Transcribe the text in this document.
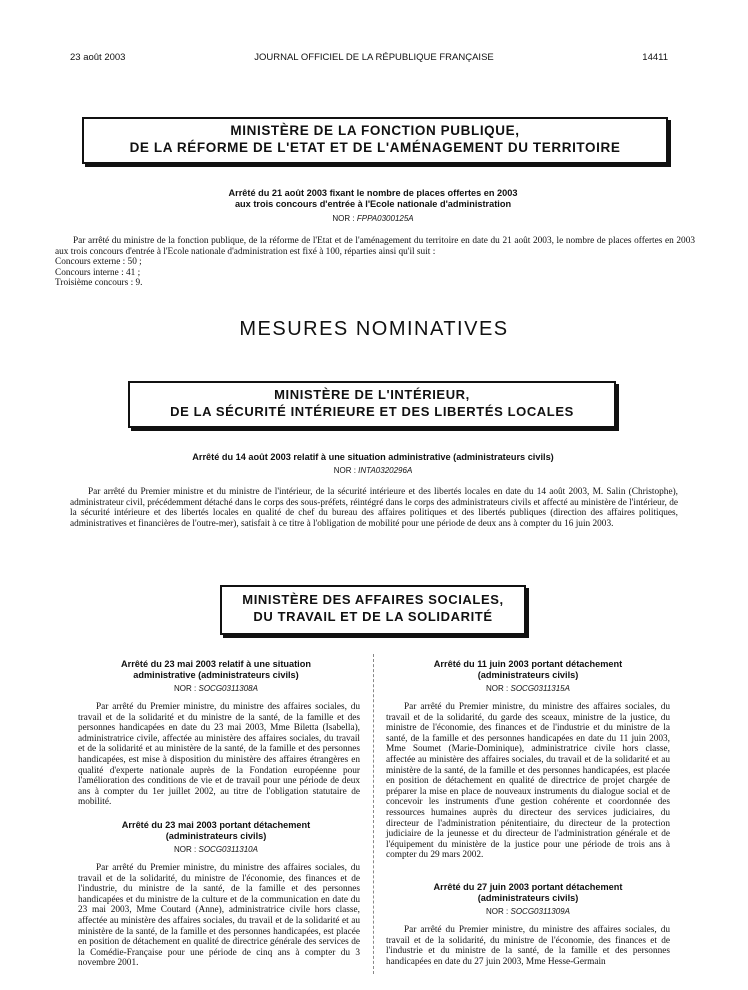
23 août 2003	JOURNAL OFFICIEL DE LA RÉPUBLIQUE FRANÇAISE	14411
MINISTÈRE DE LA FONCTION PUBLIQUE,
DE LA RÉFORME DE L'ETAT ET DE L'AMÉNAGEMENT DU TERRITOIRE
Arrêté du 21 août 2003 fixant le nombre de places offertes en 2003
aux trois concours d'entrée à l'Ecole nationale d'administration
NOR : FPPA0300125A

Par arrêté du ministre de la fonction publique, de la réforme de l'Etat et de l'aménagement du territoire en date du 21 août 2003, le nombre de places offertes en 2003 aux trois concours d'entrée à l'Ecole nationale d'administration est fixé à 100, réparties ainsi qu'il suit :

Concours externe : 50 ;
Concours interne : 41 ;
Troisième concours : 9.
MESURES NOMINATIVES
MINISTÈRE DE L'INTÉRIEUR,
DE LA SÉCURITÉ INTÉRIEURE ET DES LIBERTÉS LOCALES
Arrêté du 14 août 2003 relatif à une situation administrative (administrateurs civils)
NOR : INTA0320296A

Par arrêté du Premier ministre et du ministre de l'intérieur, de la sécurité intérieure et des libertés locales en date du 14 août 2003, M. Salin (Christophe), administrateur civil, précédemment détaché dans le corps des sous-préfets, réintégré dans le corps des administrateurs civils et affecté au ministère de l'intérieur, de la sécurité intérieure et des libertés locales en qualité de chef du bureau des affaires politiques et des libertés publiques (direction des affaires politiques, administratives et financières de l'outre-mer), satisfait à ce titre à l'obligation de mobilité pour une période de deux ans à compter du 16 juin 2003.

MINISTÈRE DES AFFAIRES SOCIALES,
DU TRAVAIL ET DE LA SOLIDARITÉ
Arrêté du 23 mai 2003 relatif à une situation
administrative (administrateurs civils)
NOR : SOCG0311308A

Par arrêté du Premier ministre, du ministre des affaires sociales, du travail et de la solidarité et du ministre de la santé, de la famille et des personnes handicapées en date du 23 mai 2003, Mme Biletta (Isabella), administratrice civile, affectée au ministère des affaires sociales, du travail et de la solidarité et au ministère de la santé, de la famille et des personnes handicapées, est mise à disposition du ministère des affaires étrangères en qualité d'experte nationale auprès de la Fondation européenne pour l'amélioration des conditions de vie et de travail pour une période de deux ans à compter du 1er juillet 2002, au titre de l'obligation statutaire de mobilité.

Arrêté du 23 mai 2003 portant détachement
(administrateurs civils)
NOR : SOCG0311310A

Par arrêté du Premier ministre, du ministre des affaires sociales, du travail et de la solidarité, du ministre de l'économie, des finances et de l'industrie, du ministre de la santé, de la famille et des personnes handicapées et du ministre de la culture et de la communication en date du 23 mai 2003, Mme Coutard (Anne), administratrice civile hors classe, affectée au ministère des affaires sociales, du travail et de la solidarité et au ministère de la santé, de la famille et des personnes handicapées, est placée en position de détachement en qualité de directrice générale des services de la Comédie-Française pour une période de cinq ans à compter du 3 novembre 2001.

Arrêté du 11 juin 2003 portant détachement
(administrateurs civils)
NOR : SOCG0311315A

Par arrêté du Premier ministre, du ministre des affaires sociales, du travail et de la solidarité, du garde des sceaux, ministre de la justice, du ministre de l'économie, des finances et de l'industrie et du ministre de la santé, de la famille et des personnes handicapées en date du 11 juin 2003, Mme Soumet (Marie-Dominique), administratrice civile hors classe, affectée au ministère des affaires sociales, du travail et de la solidarité et au ministère de la santé, de la famille et des personnes handicapées, est placée en position de détachement en qualité de directrice de projet chargée de préparer la mise en place de nouveaux instruments du dialogue social et de concevoir les instruments d'une gestion cohérente et coordonnée des ressources humaines auprès du directeur des services judiciaires, du directeur de l'administration pénitentiaire, du directeur de la protection judiciaire de la jeunesse et du directeur de l'administration générale et de l'équipement du ministère de la justice pour une période de trois ans à compter du 29 mars 2002.

Arrêté du 27 juin 2003 portant détachement
(administrateurs civils)
NOR : SOCG0311309A

Par arrêté du Premier ministre, du ministre des affaires sociales, du travail et de la solidarité, du ministre de l'économie, des finances et de l'industrie et du ministre de la santé, de la famille et des personnes handicapées en date du 27 juin 2003, Mme Hesse-Germain
